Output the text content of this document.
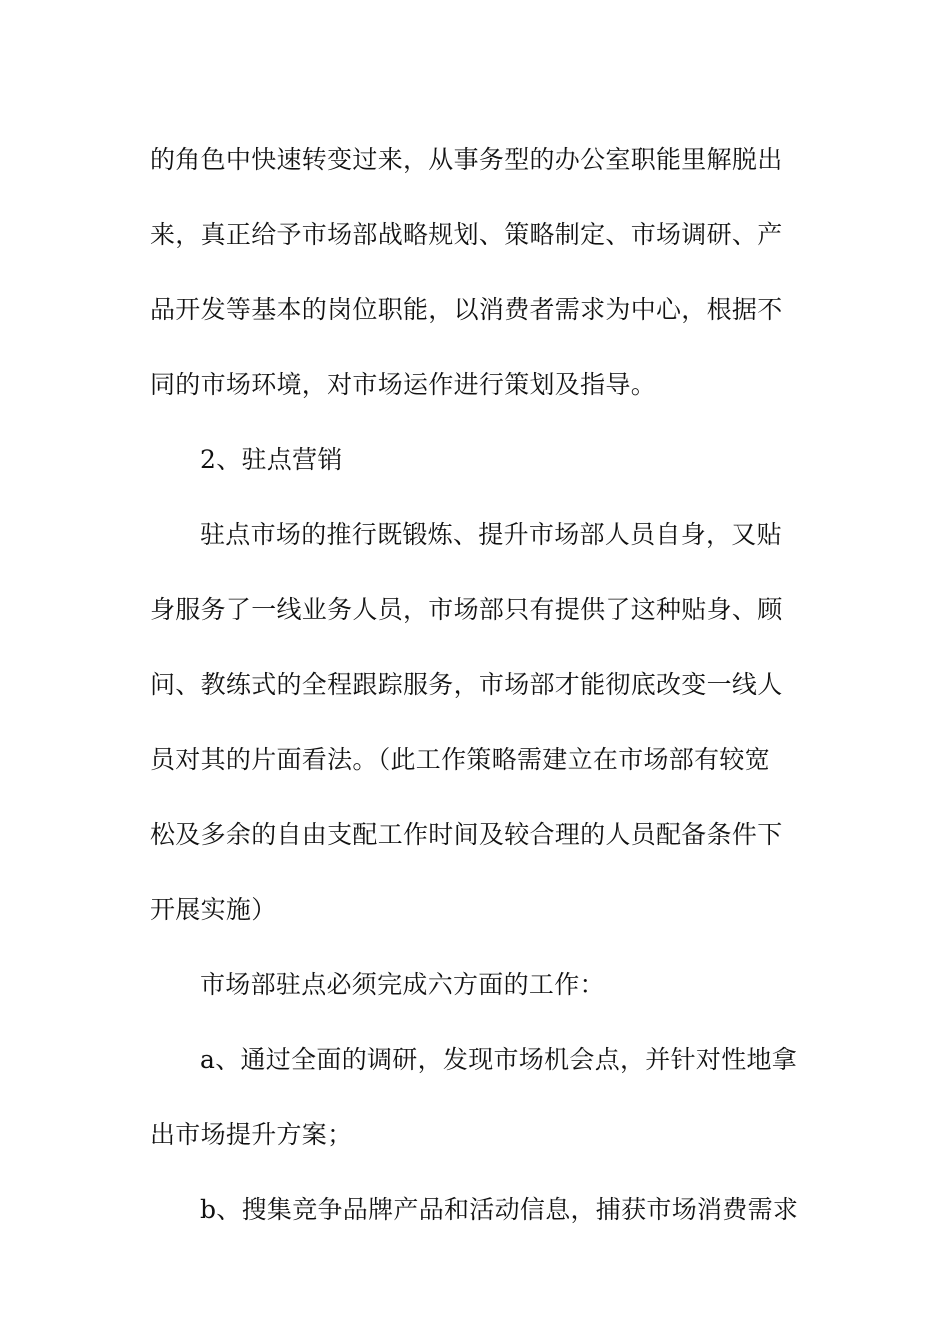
的角色中快速转变过来，从事务型的办公室职能里解脱出
来，真正给予市场部战略规划、策略制定、市场调研、产
品开发等基本的岗位职能，以消费者需求为中心，根据不
同的市场环境，对市场运作进行策划及指导。
2、驻点营销
驻点市场的推行既锻炼、提升市场部人员自身，又贴
身服务了一线业务人员，市场部只有提供了这种贴身、顾
问、教练式的全程跟踪服务，市场部才能彻底改变一线人
员对其的片面看法。（此工作策略需建立在市场部有较宽
松及多余的自由支配工作时间及较合理的人员配备条件下
开展实施）
市场部驻点必须完成六方面的工作：
a、通过全面的调研，发现市场机会点，并针对性地拿
出市场提升方案；
b、搜集竞争品牌产品和活动信息，捕获市场消费需求
